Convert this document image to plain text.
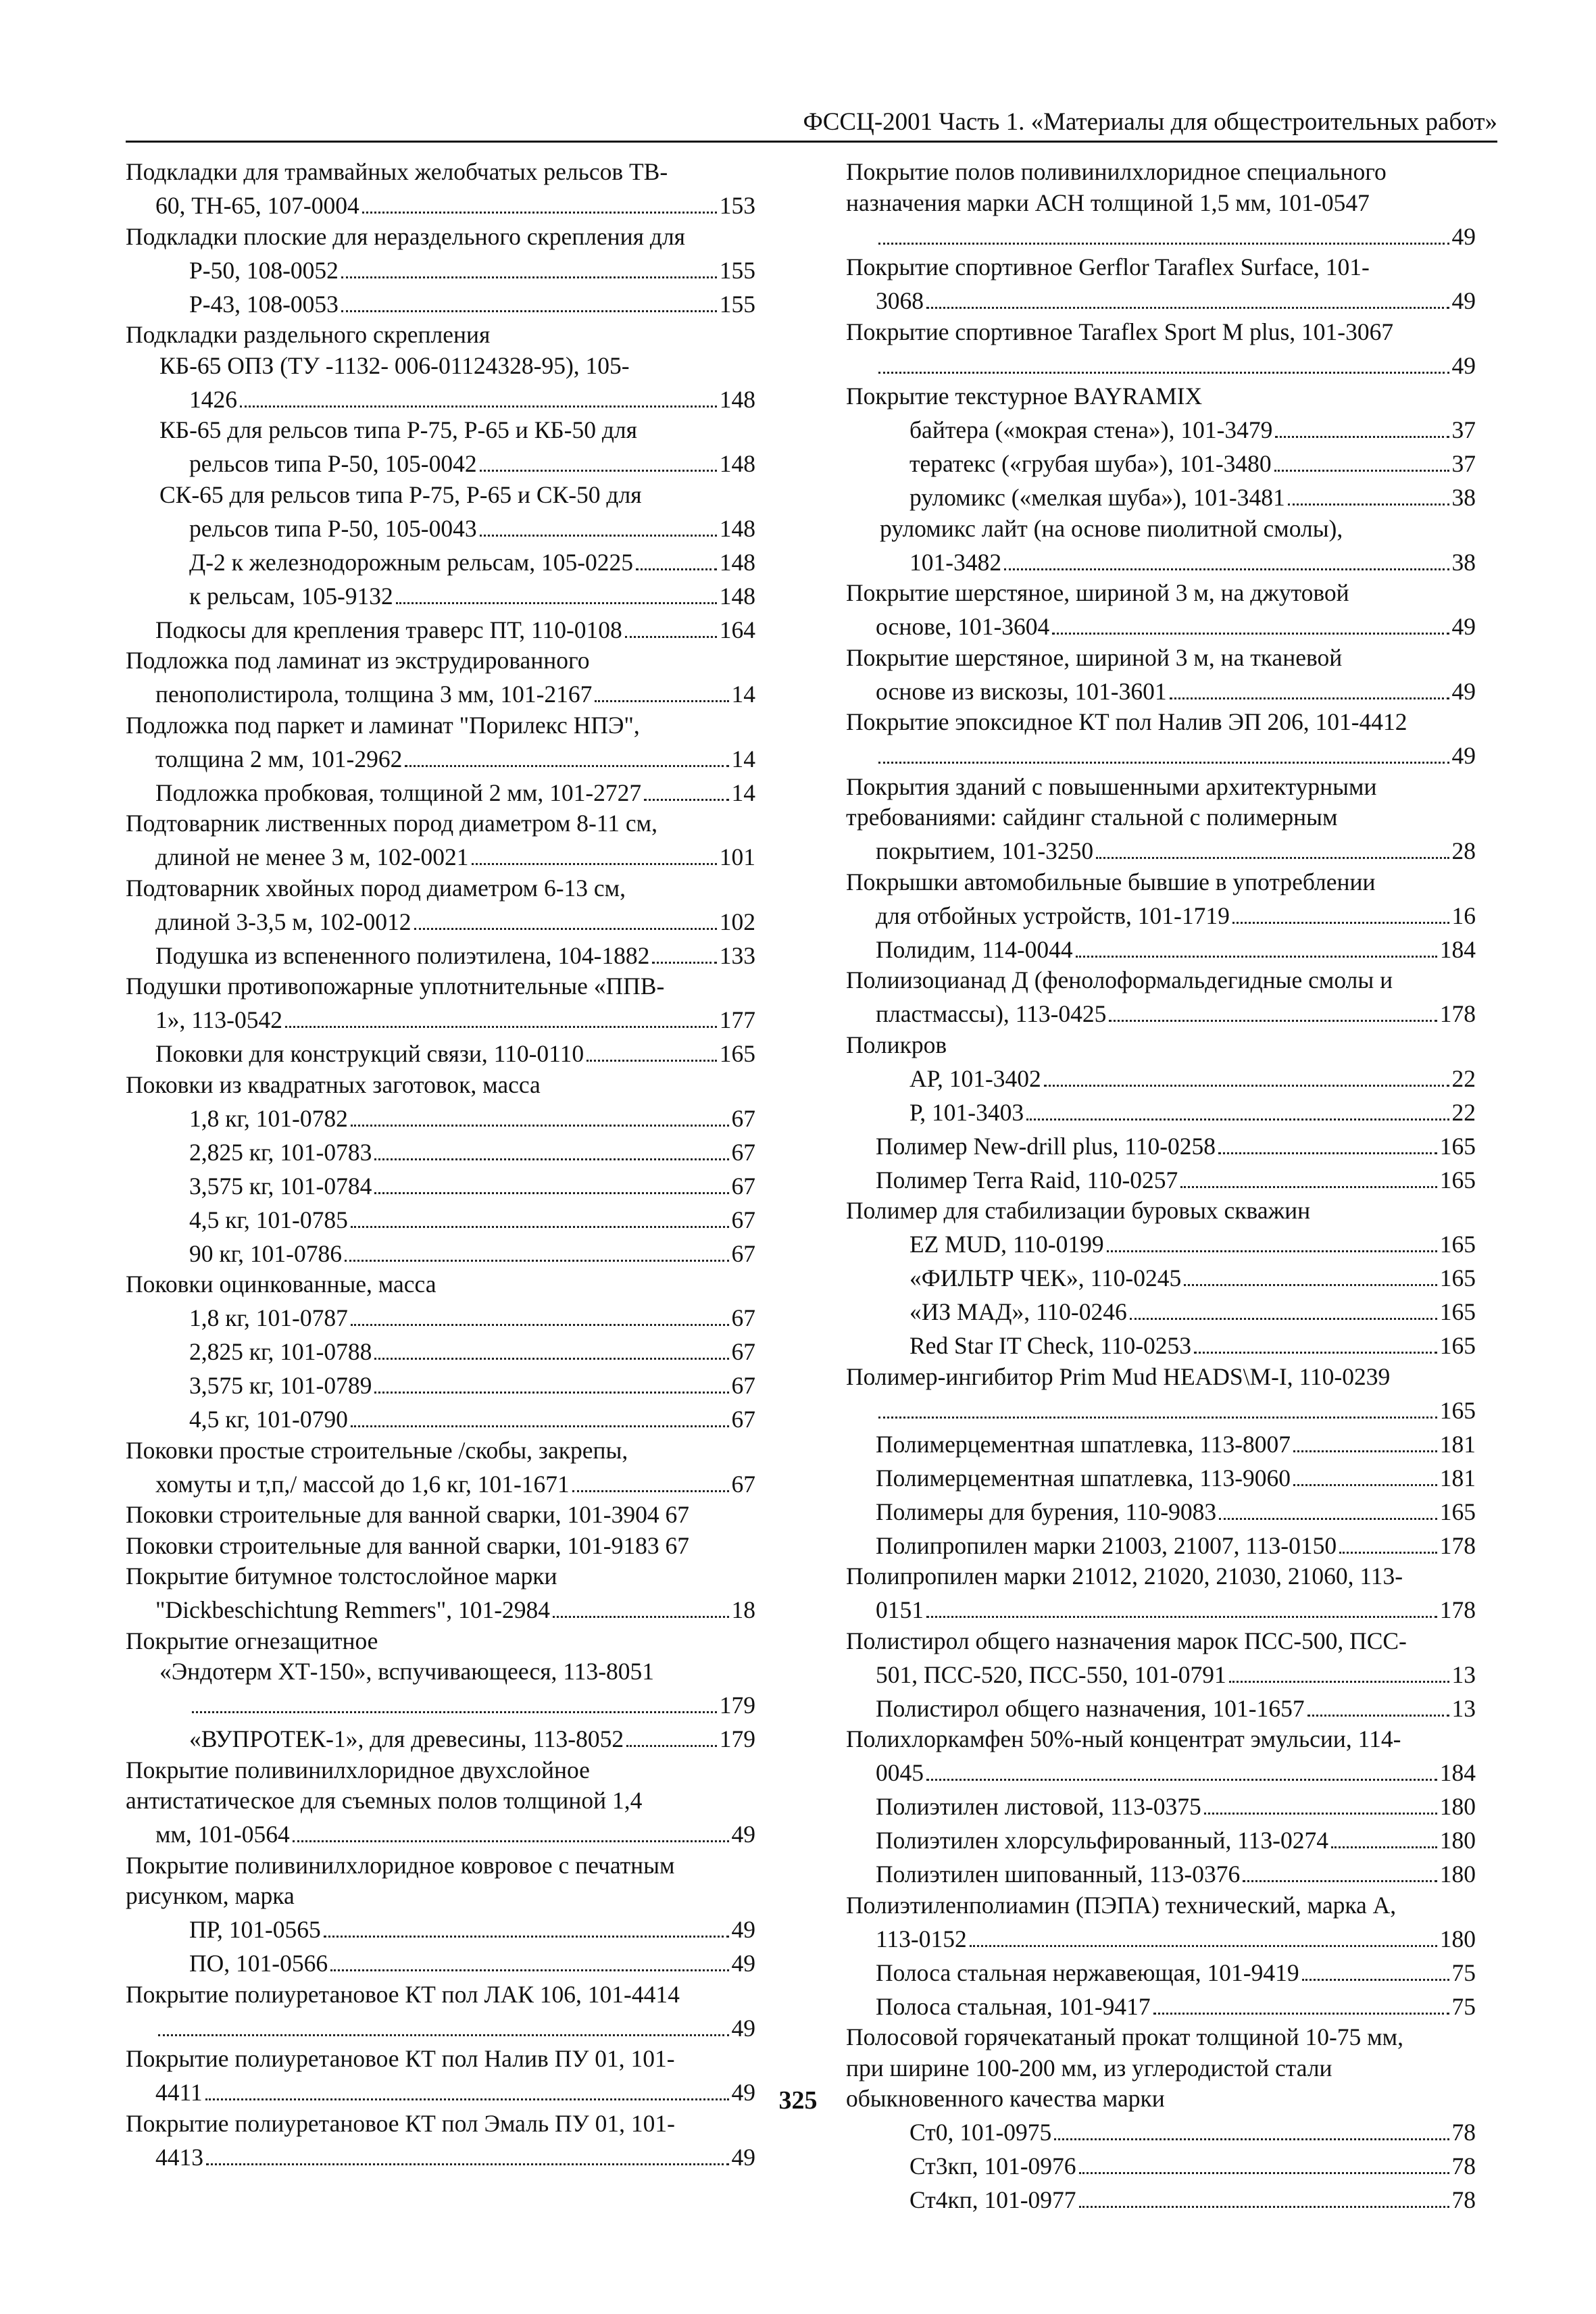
ФССЦ-2001 Часть 1. «Материалы для общестроительных работ»
Подкладки для трамвайных желобчатых рельсов ТВ-
60, ТН-65, 107-0004	153
Подкладки плоские для нераздельного скрепления для
Р-50, 108-0052	155
Р-43, 108-0053	155
Подкладки раздельного скрепления
КБ-65 ОПЗ (ТУ -1132- 006-01124328-95), 105-
1426	148
КБ-65 для рельсов типа Р-75, Р-65 и КБ-50 для
рельсов типа Р-50, 105-0042	148
СК-65 для рельсов типа Р-75, Р-65 и СК-50 для
рельсов типа Р-50, 105-0043	148
Д-2 к железнодорожным рельсам, 105-0225	148
к рельсам, 105-9132	148
Подкосы для крепления траверс ПТ, 110-0108	164
Подложка под ламинат из экструдированного
пенополистирола, толщина 3 мм, 101-2167	14
Подложка под паркет и ламинат "Порилекс НПЭ",
толщина 2 мм, 101-2962	14
Подложка пробковая, толщиной 2 мм, 101-2727	14
Подтоварник лиственных пород диаметром 8-11 см,
длиной не менее 3 м, 102-0021	101
Подтоварник хвойных пород диаметром 6-13 см,
длиной 3-3,5 м, 102-0012	102
Подушка из вспененного полиэтилена, 104-1882	133
Подушки противопожарные уплотнительные «ППВ-
1», 113-0542	177
Поковки для конструкций связи, 110-0110	165
Поковки из квадратных заготовок, масса
1,8 кг, 101-0782	67
2,825 кг, 101-0783	67
3,575 кг, 101-0784	67
4,5 кг, 101-0785	67
90 кг, 101-0786	67
Поковки оцинкованные, масса
1,8 кг, 101-0787	67
2,825 кг, 101-0788	67
3,575 кг, 101-0789	67
4,5 кг, 101-0790	67
Поковки простые строительные /скобы, закрепы,
хомуты и т,п,/ массой до 1,6 кг, 101-1671	67
Поковки строительные для ванной сварки, 101-3904 67
Поковки строительные для ванной сварки, 101-9183 67
Покрытие битумное толстослойное марки
"Dickbeschichtung Remmers", 101-2984	18
Покрытие огнезащитное
«Эндотерм ХТ-150», вспучивающееся, 113-8051
179
«ВУПРОТЕК-1», для древесины, 113-8052	179
Покрытие поливинилхлоридное двухслойное
антистатическое для съемных полов толщиной 1,4
мм, 101-0564	49
Покрытие поливинилхлоридное ковровое с печатным
рисунком, марка
ПР, 101-0565	49
ПО, 101-0566	49
Покрытие полиуретановое КТ пол ЛАК 106, 101-4414
49
Покрытие полиуретановое КТ пол Налив ПУ 01, 101-
4411	49
Покрытие полиуретановое КТ пол Эмаль ПУ 01, 101-
4413	49
Покрытие полов поливинилхлоридное специального
назначения марки АСН толщиной 1,5 мм, 101-0547
49
Покрытие спортивное Gerflor Taraflex Surface, 101-
3068	49
Покрытие спортивное Taraflex Sport M plus, 101-3067
49
Покрытие текстурное BAYRAMIX
байтера («мокрая стена»), 101-3479	37
тератекс («грубая шуба»), 101-3480	37
руломикс («мелкая шуба»), 101-3481	38
руломикс лайт (на основе пиолитной смолы),
101-3482	38
Покрытие шерстяное, шириной 3 м, на джутовой
основе, 101-3604	49
Покрытие шерстяное, шириной 3 м, на тканевой
основе из вискозы, 101-3601	49
Покрытие эпоксидное КТ пол Налив ЭП 206, 101-4412
49
Покрытия зданий с повышенными архитектурными
требованиями: сайдинг стальной с полимерным
покрытием, 101-3250	28
Покрышки автомобильные бывшие в употреблении
для отбойных устройств, 101-1719	16
Полидим, 114-0044	184
Полиизоцианад Д (фенолоформальдегидные смолы и
пластмассы), 113-0425	178
Поликров
АР, 101-3402	22
Р, 101-3403	22
Полимер New-drill plus, 110-0258	165
Полимер Terra Raid, 110-0257	165
Полимер для стабилизации буровых скважин
EZ MUD, 110-0199	165
«ФИЛЬТР ЧЕК», 110-0245	165
«ИЗ МАД», 110-0246	165
Red Star IT Check, 110-0253	165
Полимер-ингибитор Prim Mud HEADS\M-I, 110-0239
165
Полимерцементная шпатлевка, 113-8007	181
Полимерцементная шпатлевка, 113-9060	181
Полимеры для бурения, 110-9083	165
Полипропилен марки 21003, 21007, 113-0150	178
Полипропилен марки 21012, 21020, 21030, 21060, 113-
0151	178
Полистирол общего назначения марок ПСС-500, ПСС-
501, ПСС-520, ПСС-550, 101-0791	13
Полистирол общего назначения, 101-1657	13
Полихлоркамфен 50%-ный концентрат эмульсии, 114-
0045	184
Полиэтилен листовой, 113-0375	180
Полиэтилен хлорсульфированный, 113-0274	180
Полиэтилен шипованный, 113-0376	180
Полиэтиленполиамин (ПЭПА) технический, марка А,
113-0152	180
Полоса стальная нержавеющая, 101-9419	75
Полоса стальная, 101-9417	75
Полосовой горячекатаный прокат толщиной 10-75 мм,
при ширине 100-200 мм, из углеродистой стали
обыкновенного качества марки
Ст0, 101-0975	78
Ст3кп, 101-0976	78
Ст4кп, 101-0977	78
325
